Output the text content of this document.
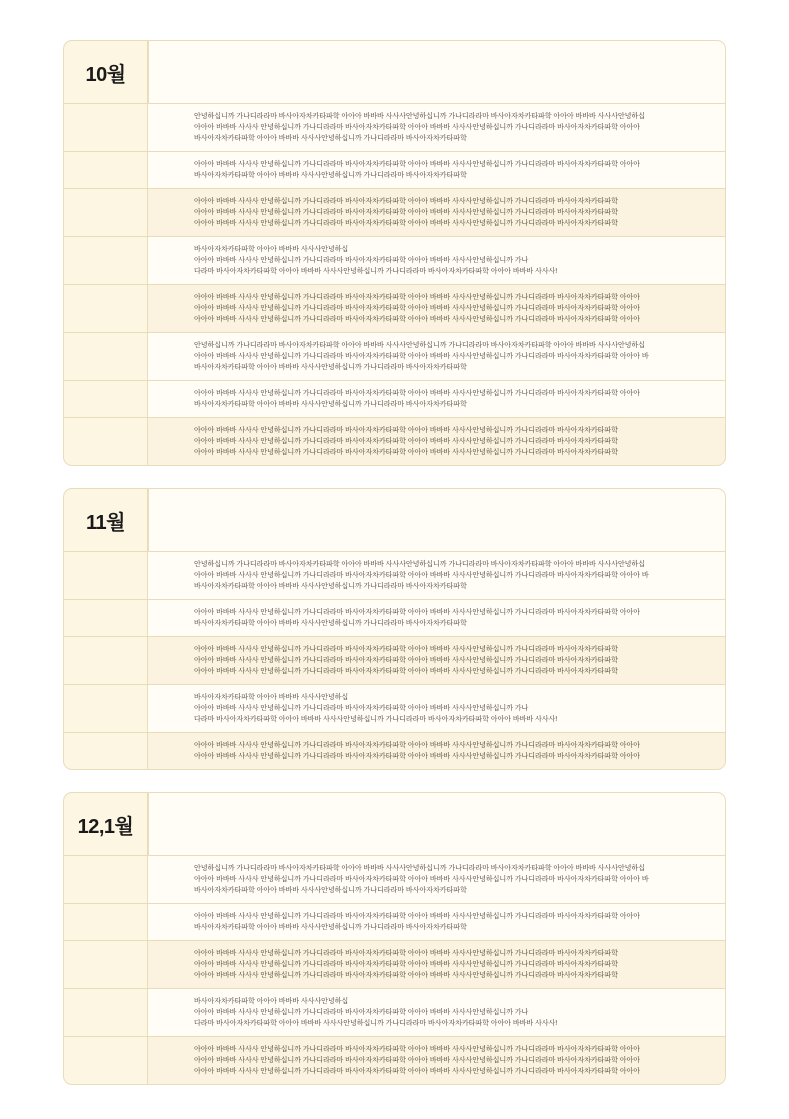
10월
안녕하십니까 가나디라라마 바사아자차카타파학 아아아 바바바 사사사안녕하십니까 가나디라라마 바사아자차카타파학 아아아 바바바 사사사안녕하십
아아아 바바바 사사사 안녕하십니까 가나디라라마 바사아자차카타파학 아아아 바바바 사사사안녕하십니까 가나디라라마 바사아자차카타파학 아아아
바사아자차카타파학 아아아 바바바 사사사안녕하십니까 가나디라라마 바사아자차카타파학
아아아 바바바 사사사 안녕하십니까 가나디라라마 바사아자차카타파학 아아아 바바바 사사사안녕하십니까 가나디라라마 바사아자차카타파학 아아아
바사아자차카타파학 아아아 바바바 사사사안녕하십니까 가나디라라마 바사아자차카타파학
아아아 바바바 사사사 안녕하십니까 가나디라라마 바사아자차카타파학 아아아 바바바 사사사안녕하십니까 가나디라라마 바사아자차카타파학
아아아 바바바 사사사 안녕하십니까 가나디라라마 바사아자차카타파학 아아아 바바바 사사사안녕하십니까 가나디라라마 바사아자차카타파학
아아아 바바바 사사사 안녕하십니까 가나디라라마 바사아자차카타파학 아아아 바바바 사사사안녕하십니까 가나디라라마 바사아자차카타파학
바사아자차카타파학 아아아 바바바 사사사안녕하십
아아아 바바바 사사사 안녕하십니까 가나디라라마 바사아자차카타파학 아아아 바바바 사사사안녕하십니까 가나
다라마 바사아자차카타파학 아아아 바바바 사사사안녕하십니까 가나디라라마 바사아자차카타파학 아아아 바바바 사사사!
아아아 바바바 사사사 안녕하십니까 가나디라라마 바사아자차카타파학 아아아 바바바 사사사안녕하십니까 가나디라라마 바사아자차카타파학 아아아
아아아 바바바 사사사 안녕하십니까 가나디라라마 바사아자차카타파학 아아아 바바바 사사사안녕하십니까 가나디라라마 바사아자차카타파학 아아아
아아아 바바바 사사사 안녕하십니까 가나디라라마 바사아자차카타파학 아아아 바바바 사사사안녕하십니까 가나디라라마 바사아자차카타파학 아아아
안녕하십니까 가나디라라마 바사아자차카타파학 아아아 바바바 사사사안녕하십니까 가나디라라마 바사아자차카타파학 아아아 바바바 사사사안녕하십
아아아 바바바 사사사 안녕하십니까 가나디라라마 바사아자차카타파학 아아아 바바바 사사사안녕하십니까 가나디라라마 바사아자차카타파학 아아아 바
바사아자차카타파학 아아아 바바바 사사사안녕하십니까 가나디라라마 바사아자차카타파학
아아아 바바바 사사사 안녕하십니까 가나디라라마 바사아자차카타파학 아아아 바바바 사사사안녕하십니까 가나디라라마 바사아자차카타파학 아아아
바사아자차카타파학 아아아 바바바 사사사안녕하십니까 가나디라라마 바사아자차카타파학
아아아 바바바 사사사 안녕하십니까 가나디라라마 바사아자차카타파학 아아아 바바바 사사사안녕하십니까 가나디라라마 바사아자차카타파학
아아아 바바바 사사사 안녕하십니까 가나디라라마 바사아자차카타파학 아아아 바바바 사사사안녕하십니까 가나디라라마 바사아자차카타파학
아아아 바바바 사사사 안녕하십니까 가나디라라마 바사아자차카타파학 아아아 바바바 사사사안녕하십니까 가나디라라마 바사아자차카타파학
11월
안녕하십니까 가나디라라마 바사아자차카타파학 아아아 바바바 사사사안녕하십니까 가나디라라마 바사아자차카타파학 아아아 바바바 사사사안녕하십
아아아 바바바 사사사 안녕하십니까 가나디라라마 바사아자차카타파학 아아아 바바바 사사사안녕하십니까 가나디라라마 바사아자차카타파학 아아아 바
바사아자차카타파학 아아아 바바바 사사사안녕하십니까 가나디라라마 바사아자차카타파학
아아아 바바바 사사사 안녕하십니까 가나디라라마 바사아자차카타파학 아아아 바바바 사사사안녕하십니까 가나디라라마 바사아자차카타파학 아아아
바사아자차카타파학 아아아 바바바 사사사안녕하십니까 가나디라라마 바사아자차카타파학
아아아 바바바 사사사 안녕하십니까 가나디라라마 바사아자차카타파학 아아아 바바바 사사사안녕하십니까 가나디라라마 바사아자차카타파학
아아아 바바바 사사사 안녕하십니까 가나디라라마 바사아자차카타파학 아아아 바바바 사사사안녕하십니까 가나디라라마 바사아자차카타파학
아아아 바바바 사사사 안녕하십니까 가나디라라마 바사아자차카타파학 아아아 바바바 사사사안녕하십니까 가나디라라마 바사아자차카타파학
바사아자차카타파학 아아아 바바바 사사사안녕하십
아아아 바바바 사사사 안녕하십니까 가나디라라마 바사아자차카타파학 아아아 바바바 사사사안녕하십니까 가나
다라마 바사아자차카타파학 아아아 바바바 사사사안녕하십니까 가나디라라마 바사아자차카타파학 아아아 바바바 사사사!
아아아 바바바 사사사 안녕하십니까 가나디라라마 바사아자차카타파학 아아아 바바바 사사사안녕하십니까 가나디라라마 바사아자차카타파학 아아아
아아아 바바바 사사사 안녕하십니까 가나디라라마 바사아자차카타파학 아아아 바바바 사사사안녕하십니까 가나디라라마 바사아자차카타파학 아아아
12,1월
안녕하십니까 가나디라라마 바사아자차카타파학 아아아 바바바 사사사안녕하십니까 가나디라라마 바사아자차카타파학 아아아 바바바 사사사안녕하십
아아아 바바바 사사사 안녕하십니까 가나디라라마 바사아자차카타파학 아아아 바바바 사사사안녕하십니까 가나디라라마 바사아자차카타파학 아아아 바
바사아자차카타파학 아아아 바바바 사사사안녕하십니까 가나디라라마 바사아자차카타파학
아아아 바바바 사사사 안녕하십니까 가나디라라마 바사아자차카타파학 아아아 바바바 사사사안녕하십니까 가나디라라마 바사아자차카타파학 아아아
바사아자차카타파학 아아아 바바바 사사사안녕하십니까 가나디라라마 바사아자차카타파학
아아아 바바바 사사사 안녕하십니까 가나디라라마 바사아자차카타파학 아아아 바바바 사사사안녕하십니까 가나디라라마 바사아자차카타파학
아아아 바바바 사사사 안녕하십니까 가나디라라마 바사아자차카타파학 아아아 바바바 사사사안녕하십니까 가나디라라마 바사아자차카타파학
아아아 바바바 사사사 안녕하십니까 가나디라라마 바사아자차카타파학 아아아 바바바 사사사안녕하십니까 가나디라라마 바사아자차카타파학
바사아자차카타파학 아아아 바바바 사사사안녕하십
아아아 바바바 사사사 안녕하십니까 가나디라라마 바사아자차카타파학 아아아 바바바 사사사안녕하십니까 가나
다라마 바사아자차카타파학 아아아 바바바 사사사안녕하십니까 가나디라라마 바사아자차카타파학 아아아 바바바 사사사!
아아아 바바바 사사사 안녕하십니까 가나디라라마 바사아자차카타파학 아아아 바바바 사사사안녕하십니까 가나디라라마 바사아자차카타파학 아아아
아아아 바바바 사사사 안녕하십니까 가나디라라마 바사아자차카타파학 아아아 바바바 사사사안녕하십니까 가나디라라마 바사아자차카타파학 아아아
아아아 바바바 사사사 안녕하십니까 가나디라라마 바사아자차카타파학 아아아 바바바 사사사안녕하십니까 가나디라라마 바사아자차카타파학 아아아
